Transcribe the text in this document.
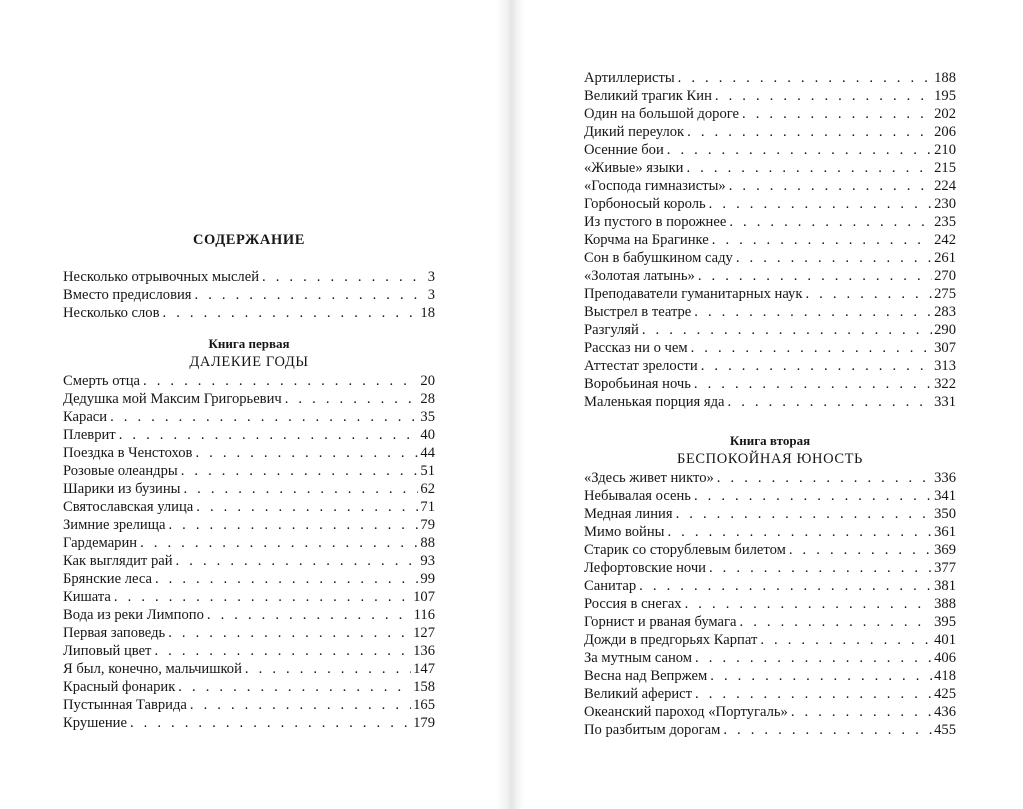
СОДЕРЖАНИЕ
Несколько отрывочных мыслей . . .	3
Вместо предисловия . . .	3
Несколько слов . . .	18
Книга первая
ДАЛЕКИЕ ГОДЫ
Смерть отца . . .	20
Дедушка мой Максим Григорьевич . . .	28
Караси . . .	35
Плеврит . . .	40
Поездка в Ченстохов . . .	44
Розовые олеандры . . .	51
Шарики из бузины . . .	62
Святославская улица . . .	71
Зимние зрелища . . .	79
Гардемарин . . .	88
Как выглядит рай . . .	93
Брянские леса . . .	99
Кишата . . .	107
Вода из реки Лимпопо . . .	116
Первая заповедь . . .	127
Липовый цвет . . .	136
Я был, конечно, мальчишкой . . .	147
Красный фонарик . . .	158
Пустынная Таврида . . .	165
Крушение . . .	179
Артиллеристы . . .	188
Великий трагик Кин . . .	195
Один на большой дороге . . .	202
Дикий переулок . . .	206
Осенние бои . . .	210
«Живые» языки . . .	215
«Господа гимназисты» . . .	224
Горбоносый король . . .	230
Из пустого в порожнее . . .	235
Корчма на Брагинке . . .	242
Сон в бабушкином саду . . .	261
«Золотая латынь» . . .	270
Преподаватели гуманитарных наук . . .	275
Выстрел в театре . . .	283
Разгуляй . . .	290
Рассказ ни о чем . . .	307
Аттестат зрелости . . .	313
Воробьиная ночь . . .	322
Маленькая порция яда . . .	331
Книга вторая
БЕСПОКОЙНАЯ ЮНОСТЬ
«Здесь живет никто» . . .	336
Небывалая осень . . .	341
Медная линия . . .	350
Мимо войны . . .	361
Старик со сторублевым билетом . . .	369
Лефортовские ночи . . .	377
Санитар . . .	381
Россия в снегах . . .	388
Горнист и рваная бумага . . .	395
Дожди в предгорьях Карпат . . .	401
За мутным саном . . .	406
Весна над Вепржем . . .	418
Великий аферист . . .	425
Океанский пароход «Португаль» . . .	436
По разбитым дорогам . . .	455
